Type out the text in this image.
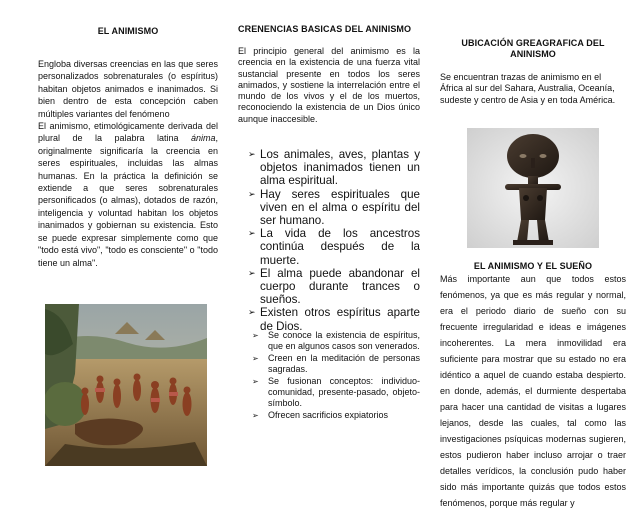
EL ANIMISMO

Engloba diversas creencias en las que seres personalizados sobrenaturales (o espíritus) habitan objetos animados e inanimados. Si bien dentro de esta concepción caben múltiples variantes del fenómeno
El animismo, etimológicamente derivada del plural de la palabra latina ánima, originalmente significaría la creencia en seres espirituales, incluidas las almas humanas. En la práctica la definición se extiende a que seres sobrenaturales personificados (o almas), dotados de razón, inteligencia y voluntad habitan los objetos inanimados y gobiernan su existencia. Esto se puede expresar simplemente como que "todo está vivo", "todo es consciente" o "todo tiene un alma".

CRENENCIAS BASICAS DEL ANINISMO

El principio general del animismo es la creencia en la existencia de una fuerza vital sustancial presente en todos los seres animados, y sostiene la interrelación entre el mundo de los vivos y el de los muertos, reconociendo la existencia de un Dios único aunque inaccesible.

➢ Los animales, aves, plantas y objetos inanimados tienen un alma espiritual.
➢ Hay seres espirituales que viven en el alma o espíritu del ser humano.
➢ La vida de los ancestros continúa después de la muerte.
➢ El alma puede abandonar el cuerpo durante trances o sueños.
➢ Existen otros espíritus aparte de Dios.
➢ Se conoce la existencia de espíritus, que en algunos casos son venerados.
➢ Creen en la meditación de personas sagradas.
➢ Se fusionan conceptos: individuo-comunidad, presente-pasado, objeto-símbolo.
➢ Ofrecen sacrificios expiatorios
UBICACIÓN GREAGRAFICA DEL ANINISMO

Se encuentran trazas de animismo en el África al sur del Sahara, Australia, Oceanía, sudeste y centro de Asia y en toda América.

EL ANIMISMO Y EL SUEÑO

Más importante aun que todos estos fenómenos, ya que es más regular y normal, era el periodo diario de sueño con su frecuente irregularidad e ideas e imágenes incoherentes. La mera inmovilidad era suficiente para mostrar que su estado no era idéntico a aquel de cuando estaba despierto. en donde, además, el durmiente despertaba para hacer una cantidad de visitas a lugares lejanos, desde las cuales, tal como las investigaciones psíquicas modernas sugieren, estos pudieron haber incluso arrojar o traer detalles verídicos, la conclusión pudo haber sido más importante quizás que todos estos fenómenos, porque más regular y
